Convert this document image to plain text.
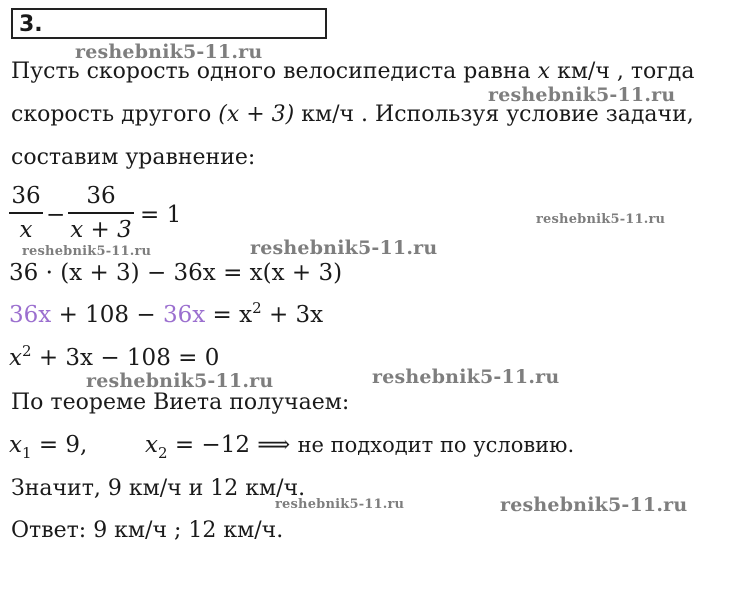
3.
Пусть скорость одного велосипедиста равна x км/ч , тогда
скорость другого (x + 3) км/ч . Используя условие задачи,
составим уравнение:
36
x
−
36
x + 3
= 1
36 · (x + 3) − 36x = x(x + 3)
$36x + 108 - 36x = x^2 + 3x$
$x^2 + 3x - 108 = 0$
По теореме Виета получаем:
$x_1 = 9$,	$x_2 = -12$ ⟹ не подходит по условию.
Значит, 9 км/ч и 12 км/ч.
Ответ: 9 км/ч ; 12 км/ч.
reshebnik5-11.ru
reshebnik5-11.ru
reshebnik5-11.ru
reshebnik5-11.ru	reshebnik5-11.ru
reshebnik5-11.ru	reshebnik5-11.ru
reshebnik5-11.ru	reshebnik5-11.ru
